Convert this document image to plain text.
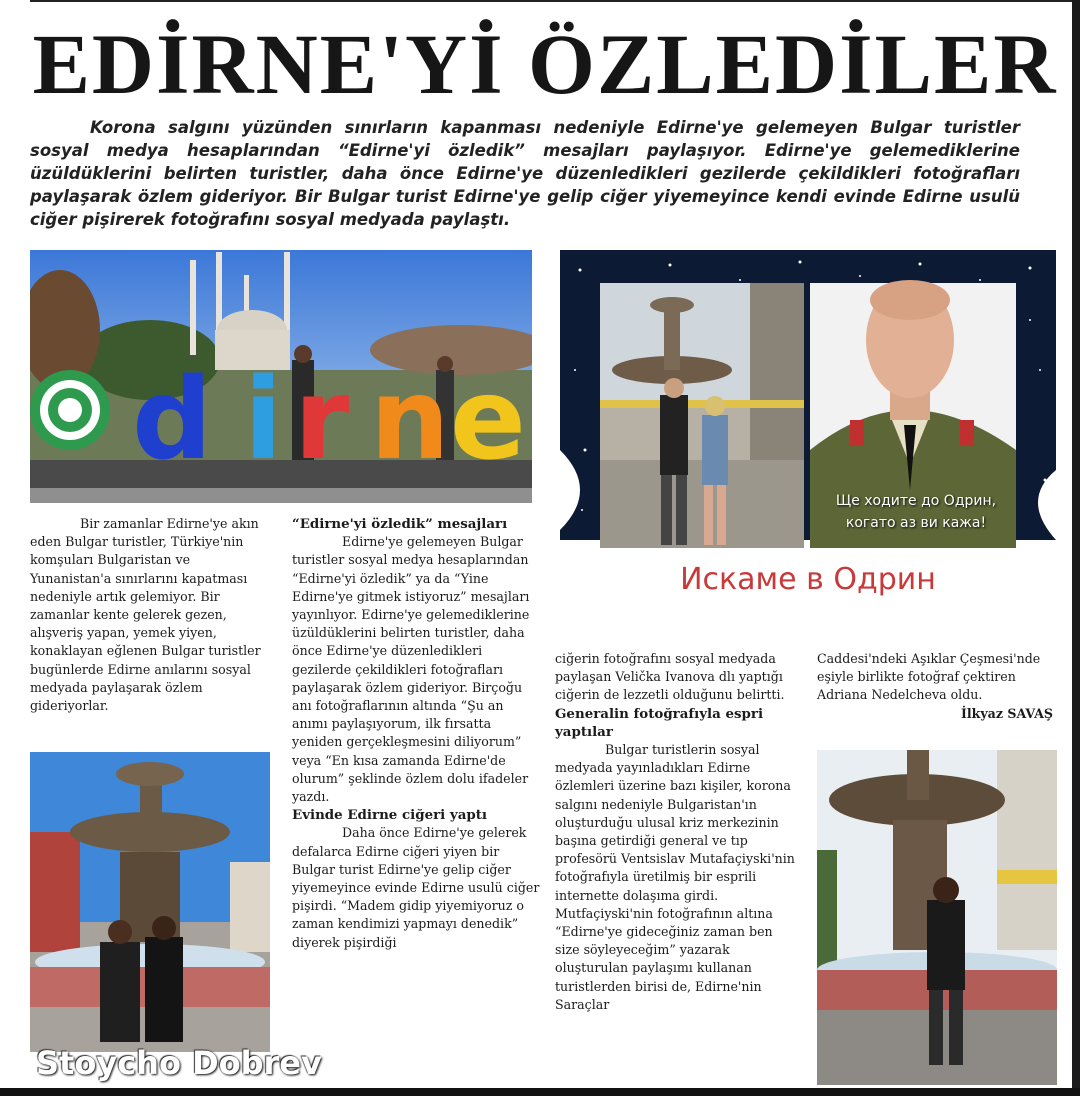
EDİRNE'Yİ ÖZLEDİLER
Korona salgını yüzünden sınırların kapanması nedeniyle Edirne'ye gelemeyen Bulgar turistler sosyal medya hesaplarından “Edirne'yi özledik” mesajları paylaşıyor. Edirne'ye gelemediklerine üzüldüklerini belirten turistler, daha önce Edirne'ye düzenledikleri gezilerde çekildikleri fotoğrafları paylaşarak özlem gideriyor. Bir Bulgar turist Edirne'ye gelip ciğer yiyemeyince kendi evinde Edirne usulü ciğer pişirerek fotoğrafını sosyal medyada paylaştı.
d i r n e
Ще ходите до Одрин, когато аз ви кажа!
Искаме в Одрин

Bir zamanlar Edirne'ye akın eden Bulgar turistler, Türkiye'nin komşuları Bulgaristan ve Yunanistan'a sınırlarını kapatması nedeniyle artık gelemiyor. Bir zamanlar kente gelerek gezen, alışveriş yapan, yemek yiyen, konaklayan eğlenen Bulgar turistler bugünlerde Edirne anılarını sosyal medyada paylaşarak özlem gideriyorlar.

“Edirne'yi özledik” mesajları

Edirne'ye gelemeyen Bulgar turistler sosyal medya hesaplarından “Edirne'yi özledik” ya da “Yine Edirne'ye gitmek istiyoruz” mesajları yayınlıyor. Edirne'ye gelemediklerine üzüldüklerini belirten turistler, daha önce Edirne'ye düzenledikleri gezilerde çekildikleri fotoğrafları paylaşarak özlem gideriyor. Birçoğu anı fotoğraflarının altında “Şu an anımı paylaşıyorum, ilk fırsatta yeniden gerçekleşmesini diliyorum” veya “En kısa zamanda Edirne'de olurum” şeklinde özlem dolu ifadeler yazdı.

Evinde Edirne ciğeri yaptı

Daha önce Edirne'ye gelerek defalarca Edirne ciğeri yiyen bir Bulgar turist Edirne'ye gelip ciğer yiyemeyince evinde Edirne usulü ciğer pişirdi. “Madem gidip yiyemiyoruz o zaman kendimizi yapmayı denedik” diyerek pişirdiği

ciğerin fotoğrafını sosyal medyada paylaşan Velička Ivanova dlı yaptığı ciğerin de lezzetli olduğunu belirtti.

Generalin fotoğrafıyla espri yaptılar

Bulgar turistlerin sosyal medyada yayınladıkları Edirne özlemleri üzerine bazı kişiler, korona salgını nedeniyle Bulgaristan'ın oluşturduğu ulusal kriz merkezinin başına getirdiği general ve tıp profesörü Ventsislav Mutafaçiyski'nin fotoğrafıyla üretilmiş bir esprili internette dolaşıma girdi. Mutfaçiyski'nin fotoğrafının altına “Edirne'ye gideceğiniz zaman ben size söyleyeceğim” yazarak oluşturulan paylaşımı kullanan turistlerden birisi de, Edirne'nin Saraçlar

Caddesi'ndeki Aşıklar Çeşmesi'nde eşiyle birlikte fotoğraf çektiren Adriana Nedelcheva oldu.

İlkyaz SAVAŞ
Stoycho Dobrev
